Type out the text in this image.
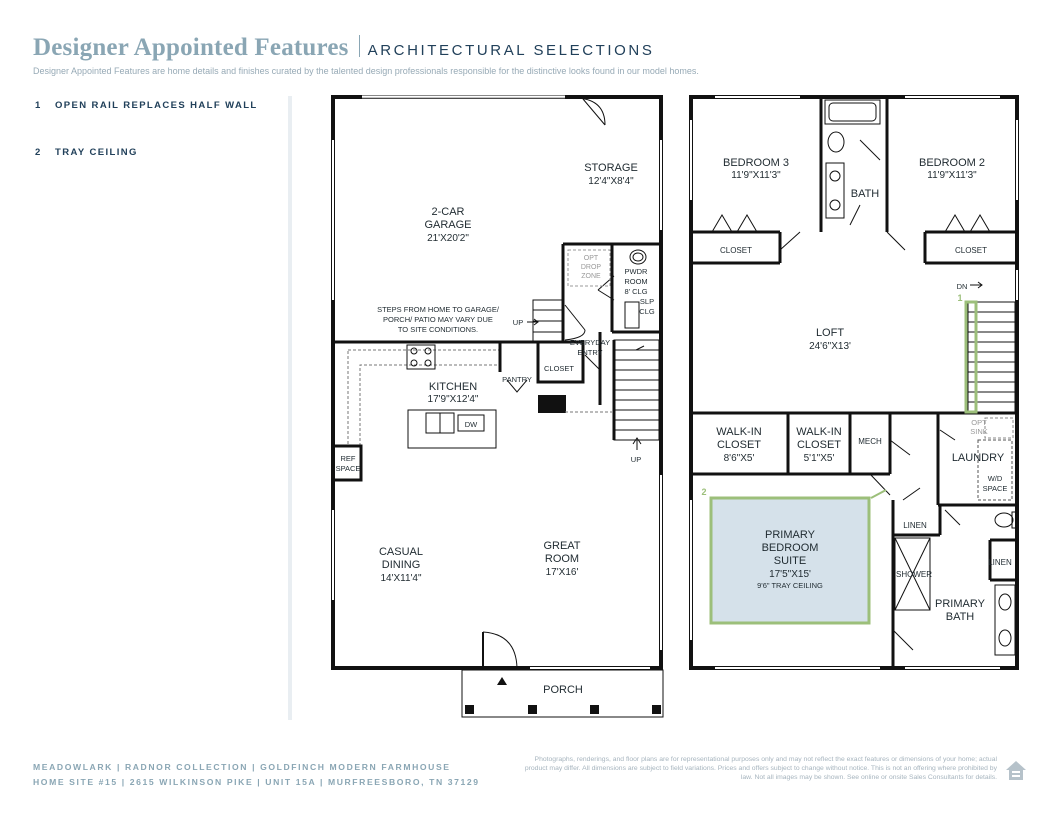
Designer Appointed Features ARCHITECTURAL SELECTIONS
Designer Appointed Features are home details and finishes curated by the talented design professionals responsible for the distinctive looks found in our model homes.
1 OPEN RAIL REPLACES HALF WALL
2 TRAY CEILING
STORAGE
12'4"X8'4"
2-CAR
GARAGE
21'X20'2"
STEPS FROM HOME TO GARAGE/
PORCH/ PATIO MAY VARY DUE
TO SITE CONDITIONS.
OPT
DROP
ZONE
PWDR
ROOM
8' CLG
SLP
CLG
UP
EVERYDAY
ENTRY
CLOSET
PANTRY
KITCHEN
17'9"X12'4"
DW
REF
SPACE
UP
CASUAL
DINING
14'X11'4"
GREAT
ROOM
17'X16'
PORCH
BEDROOM 3
11'9"X11'3"
BEDROOM 2
11'9"X11'3"
BATH
CLOSET	CLOSET
DN
1
LOFT
24'6"X13'
WALK-IN
CLOSET
8'6"X5'
WALK-IN
CLOSET
5'1"X5'
MECH
OPT
SINK
LAUNDRY
W/D
SPACE
2
LINEN
LINEN
SHOWER
PRIMARY
BEDROOM
SUITE
17'5"X15'
9'6" TRAY CEILING
PRIMARY
BATH
MEADOWLARK | RADNOR COLLECTION | GOLDFINCH MODERN FARMHOUSE
HOME SITE #15 | 2615 WILKINSON PIKE | UNIT 15A | MURFREESBORO, TN 37129
Photographs, renderings, and floor plans are for representational purposes only and may not reflect the exact features or dimensions of your home; actual product may differ. All dimensions are subject to field variations. Prices and offers subject to change without notice. This is not an offering where prohibited by law. Not all images may be shown. See online or onsite Sales Consultants for details.
